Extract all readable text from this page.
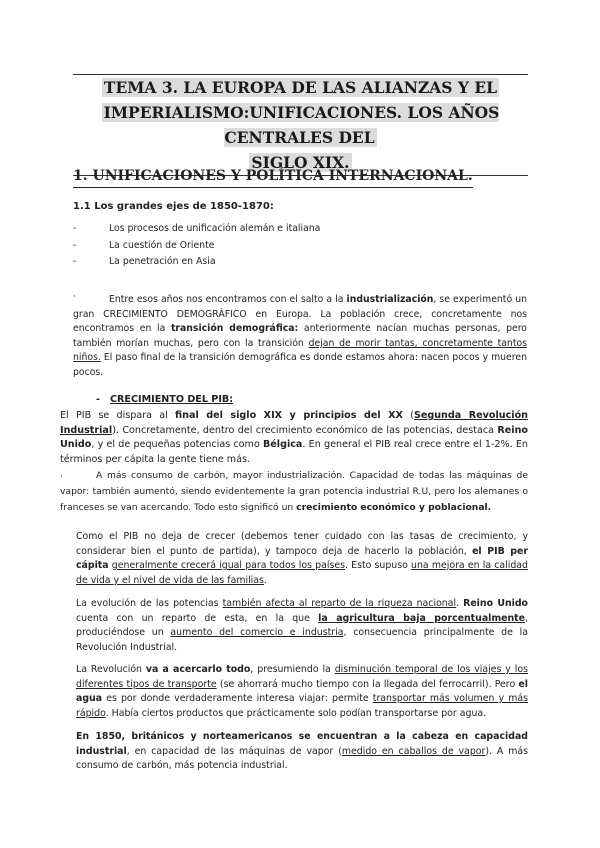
TEMA 3. LA EUROPA DE LAS ALIANZAS Y EL
IMPERIALISMO:UNIFICACIONES. LOS AÑOS CENTRALES DEL
SIGLO XIX.
1. UNIFICACIONES Y POLÍTICA INTERNACIONAL.
1.1 Los grandes ejes de 1850-1870:
-	Los procesos de unificación alemán e italiana
-	La cuestión de Oriente
-	La penetración en Asia
·	Entre esos años nos encontramos con el salto a la industrialización, se experimentó un gran CRECIMIENTO DEMOGRÁFICO en Europa. La población crece, concretamente nos encontramos en la transición demográfica: anteriormente nacían muchas personas, pero también morían muchas, pero con la transición dejan de morir tantas, concretamente tantos niños. El paso final de la transición demográfica es donde estamos ahora: nacen pocos y mueren pocos.

- CRECIMIENTO DEL PIB:

El PIB se dispara al final del siglo XIX y principios del XX (Segunda Revolución Industrial). Concretamente, dentro del crecimiento económico de las potencias, destaca Reino Unido, y el de pequeñas potencias como Bélgica. En general el PIB real crece entre el 1-2%. En términos per cápita la gente tiene más.

·	A más consumo de carbón, mayor industrialización. Capacidad de todas las máquinas de vapor: también aumentó, siendo evidentemente la gran potencia industrial R.U, pero los alemanes o franceses se van acercando. Todo esto significó un crecimiento económico y poblacional.

Como el PIB no deja de crecer (debemos tener cuidado con las tasas de crecimiento, y considerar bien el punto de partida), y tampoco deja de hacerlo la población, el PIB per cápita generalmente crecerá igual para todos los países. Esto supuso una mejora en la calidad de vida y el nivel de vida de las familias.

La evolución de las potencias también afecta al reparto de la riqueza nacional. Reino Unido cuenta con un reparto de esta, en la que la agricultura baja porcentualmente, produciéndose un aumento del comercio e industria, consecuencia principalmente de la Revolución Industrial.

La Revolución va a acercarlo todo, presumiendo la disminución temporal de los viajes y los diferentes tipos de transporte (se ahorrará mucho tiempo con la llegada del ferrocarril). Pero el agua es por donde verdaderamente interesa viajar: permite transportar más volumen y más rápido. Había ciertos productos que prácticamente solo podían transportarse por agua.

En 1850, británicos y norteamericanos se encuentran a la cabeza en capacidad industrial, en capacidad de las máquinas de vapor (medido en caballos de vapor). A más consumo de carbón, más potencia industrial.
